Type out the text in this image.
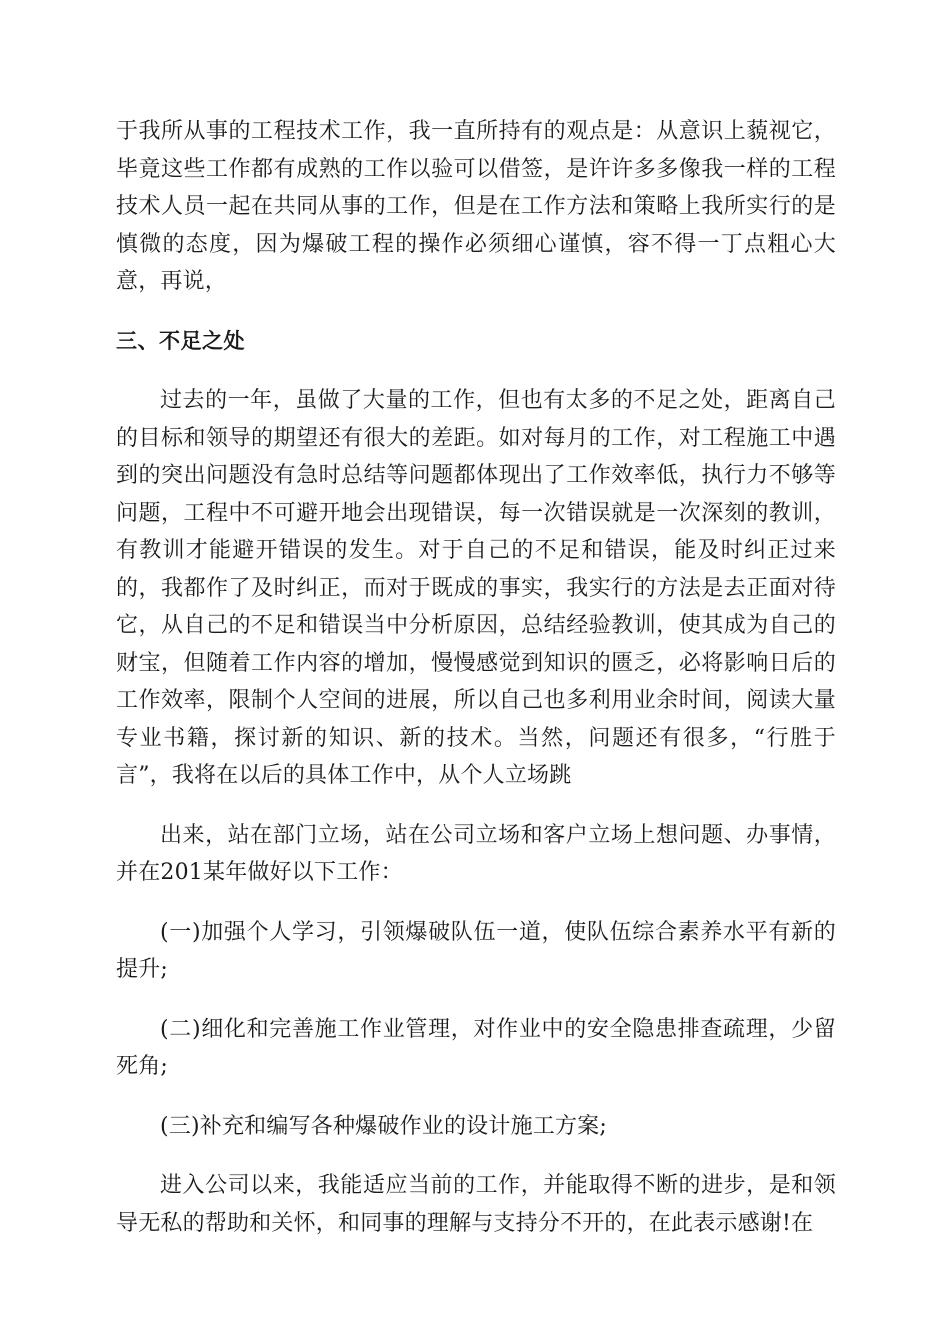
于我所从事的工程技术工作，我一直所持有的观点是：从意识上藐视它，毕竟这些工作都有成熟的工作以验可以借签，是许许多多像我一样的工程技术人员一起在共同从事的工作，但是在工作方法和策略上我所实行的是慎微的态度，因为爆破工程的操作必须细心谨慎，容不得一丁点粗心大意，再说，

三、不足之处

过去的一年，虽做了大量的工作，但也有太多的不足之处，距离自己的目标和领导的期望还有很大的差距。如对每月的工作，对工程施工中遇到的突出问题没有急时总结等问题都体现出了工作效率低，执行力不够等问题，工程中不可避开地会出现错误，每一次错误就是一次深刻的教训，有教训才能避开错误的发生。对于自己的不足和错误，能及时纠正过来的，我都作了及时纠正，而对于既成的事实，我实行的方法是去正面对待它，从自己的不足和错误当中分析原因，总结经验教训，使其成为自己的财宝，但随着工作内容的增加，慢慢感觉到知识的匮乏，必将影响日后的工作效率，限制个人空间的进展，所以自己也多利用业余时间，阅读大量专业书籍，探讨新的知识、新的技术。当然，问题还有很多，“行胜于言”，我将在以后的具体工作中，从个人立场跳

出来，站在部门立场，站在公司立场和客户立场上想问题、办事情，并在201某年做好以下工作：

(一)加强个人学习，引领爆破队伍一道，使队伍综合素养水平有新的提升;

(二)细化和完善施工作业管理，对作业中的安全隐患排查疏理，少留死角;

(三)补充和编写各种爆破作业的设计施工方案;

进入公司以来，我能适应当前的工作，并能取得不断的进步，是和领导无私的帮助和关怀，和同事的理解与支持分不开的，在此表示感谢!在
